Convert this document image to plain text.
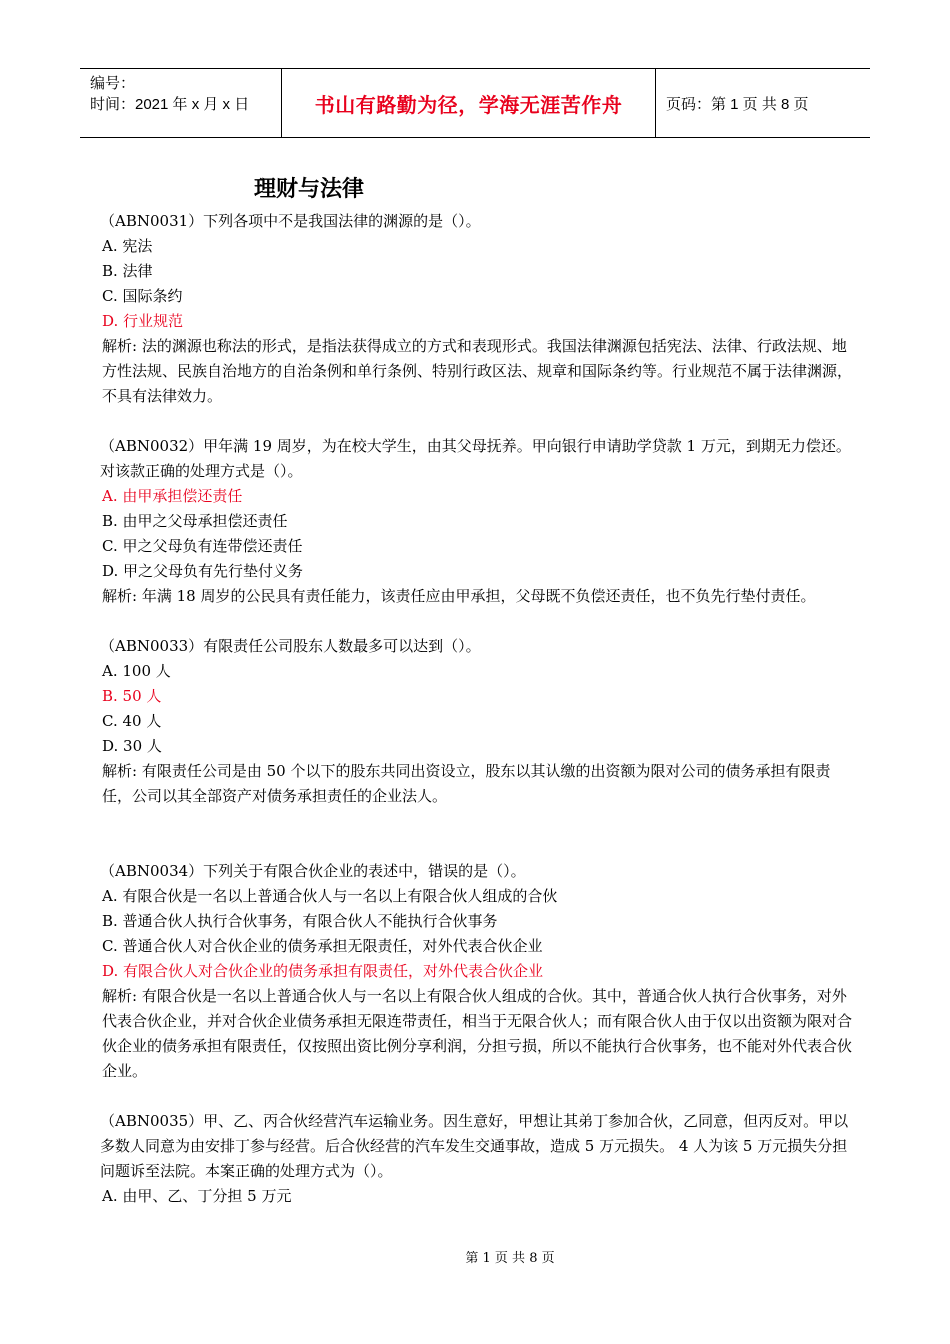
编号：
时间：2021 年 x 月 x 日	书山有路勤为径，学海无涯苦作舟	页码：第 1 页 共 8 页
理财与法律

（ABN0031）下列各项中不是我国法律的渊源的是（）。

A. 宪法

B. 法律

C. 国际条约

D. 行业规范

解析: 法的渊源也称法的形式，是指法获得成立的方式和表现形式。我国法律渊源包括宪法、法律、行政法规、地方性法规、民族自治地方的自治条例和单行条例、特别行政区法、规章和国际条约等。行业规范不属于法律渊源，不具有法律效力。

（ABN0032）甲年满 19 周岁，为在校大学生，由其父母抚养。甲向银行申请助学贷款 1 万元，到期无力偿还。对该款正确的处理方式是（）。

A. 由甲承担偿还责任

B. 由甲之父母承担偿还责任

C. 甲之父母负有连带偿还责任

D. 甲之父母负有先行垫付义务

解析: 年满 18 周岁的公民具有责任能力，该责任应由甲承担，父母既不负偿还责任，也不负先行垫付责任。

（ABN0033）有限责任公司股东人数最多可以达到（）。

A. 100 人

B. 50 人

C. 40 人

D. 30 人

解析: 有限责任公司是由 50 个以下的股东共同出资设立，股东以其认缴的出资额为限对公司的债务承担有限责任，公司以其全部资产对债务承担责任的企业法人。

（ABN0034）下列关于有限合伙企业的表述中，错误的是（）。

A. 有限合伙是一名以上普通合伙人与一名以上有限合伙人组成的合伙

B. 普通合伙人执行合伙事务，有限合伙人不能执行合伙事务

C. 普通合伙人对合伙企业的债务承担无限责任，对外代表合伙企业

D. 有限合伙人对合伙企业的债务承担有限责任，对外代表合伙企业

解析: 有限合伙是一名以上普通合伙人与一名以上有限合伙人组成的合伙。其中，普通合伙人执行合伙事务，对外代表合伙企业，并对合伙企业债务承担无限连带责任，相当于无限合伙人；而有限合伙人由于仅以出资额为限对合伙企业的债务承担有限责任，仅按照出资比例分享利润，分担亏损，所以不能执行合伙事务，也不能对外代表合伙企业。

（ABN0035）甲、乙、丙合伙经营汽车运输业务。因生意好，甲想让其弟丁参加合伙，乙同意，但丙反对。甲以多数人同意为由安排丁参与经营。后合伙经营的汽车发生交通事故，造成 5 万元损失。 4 人为该 5 万元损失分担问题诉至法院。本案正确的处理方式为（）。

A. 由甲、乙、丁分担 5 万元

第 1 页 共 8 页
